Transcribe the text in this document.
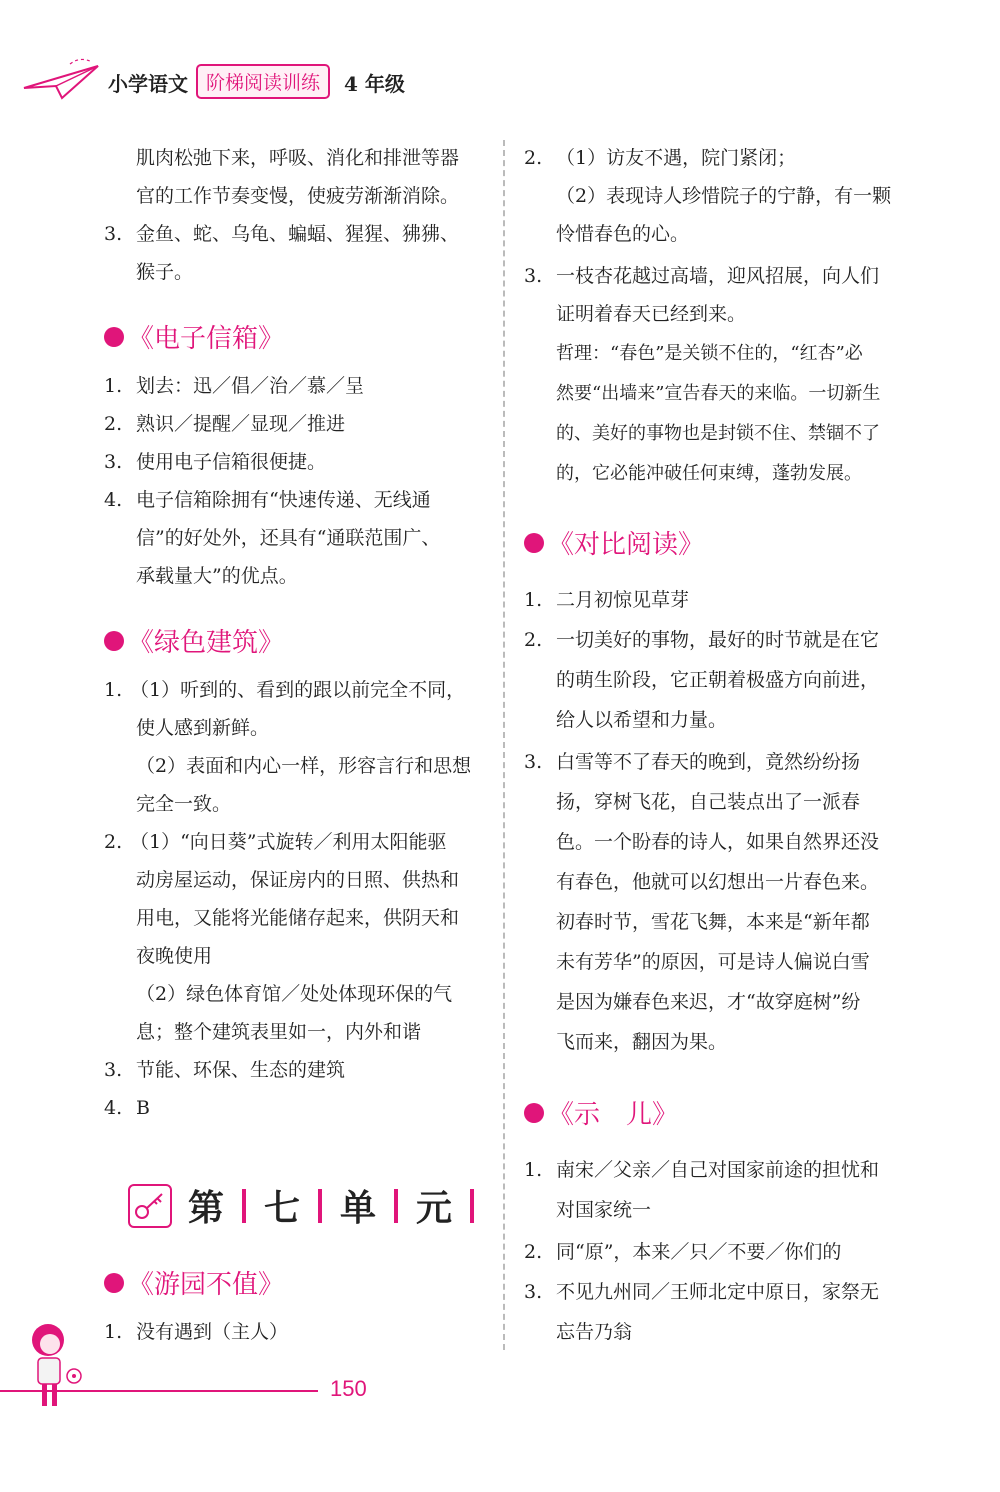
小学语文 阶梯阅读训练	4 年级
肌肉松弛下来，呼吸、消化和排泄等器
官的工作节奏变慢，使疲劳渐渐消除。
3. 金鱼、蛇、乌龟、蝙蝠、猩猩、狒狒、
猴子。
《电子信箱》
1. 划去：迅／倡／治／慕／呈
2. 熟识／提醒／显现／推进
3. 使用电子信箱很便捷。
4. 电子信箱除拥有“快速传递、无线通
信”的好处外，还具有“通联范围广、
承载量大”的优点。
《绿色建筑》
1. （1）听到的、看到的跟以前完全不同，
使人感到新鲜。
（2）表面和内心一样，形容言行和思想
完全一致。
2. （1）“向日葵”式旋转／利用太阳能驱
动房屋运动，保证房内的日照、供热和
用电，又能将光能储存起来，供阴天和
夜晚使用
（2）绿色体育馆／处处体现环保的气
息；整个建筑表里如一，内外和谐
3. 节能、环保、生态的建筑
4. B
《游园不值》
1. 没有遇到（主人）
第 七 单 元
2. （1）访友不遇，院门紧闭；
（2）表现诗人珍惜院子的宁静，有一颗
怜惜春色的心。
3. 一枝杏花越过高墙，迎风招展，向人们
证明着春天已经到来。
哲理：“春色”是关锁不住的，“红杏”必
然要“出墙来”宣告春天的来临。一切新生
的、美好的事物也是封锁不住、禁锢不了
的，它必能冲破任何束缚，蓬勃发展。
《对比阅读》
1. 二月初惊见草芽
2. 一切美好的事物，最好的时节就是在它
的萌生阶段，它正朝着极盛方向前进，
给人以希望和力量。
3. 白雪等不了春天的晚到，竟然纷纷扬
扬，穿树飞花，自己装点出了一派春
色。一个盼春的诗人，如果自然界还没
有春色，他就可以幻想出一片春色来。
初春时节，雪花飞舞，本来是“新年都
未有芳华”的原因，可是诗人偏说白雪
是因为嫌春色来迟，才“故穿庭树”纷
飞而来，翻因为果。
《示　儿》
1. 南宋／父亲／自己对国家前途的担忧和
对国家统一
2. 同“原”，本来／只／不要／你们的
3. 不见九州同／王师北定中原日，家祭无
忘告乃翁
150
